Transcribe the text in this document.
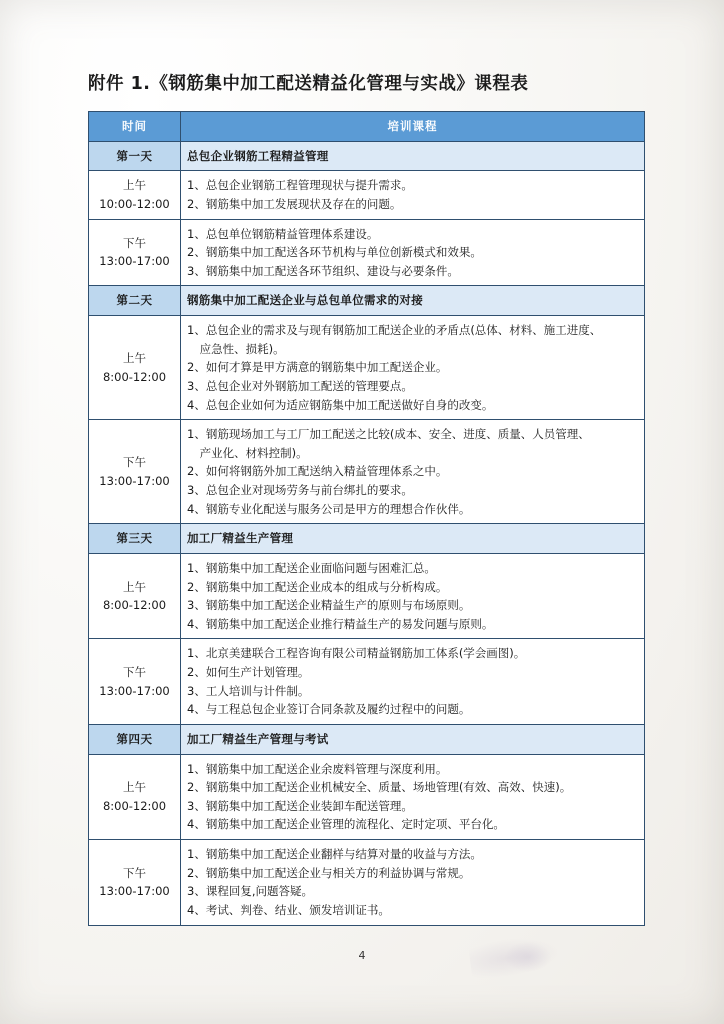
附件 1.《钢筋集中加工配送精益化管理与实战》课程表
时间	培训课程
第一天	总包企业钢筋工程精益管理

上午
10:00-12:00	1、总包企业钢筋工程管理现状与提升需求。
2、钢筋集中加工发展现状及存在的问题。

下午
13:00-17:00	1、总包单位钢筋精益管理体系建设。
2、钢筋集中加工配送各环节机构与单位创新模式和效果。
3、钢筋集中加工配送各环节组织、建设与必要条件。

第二天	钢筋集中加工配送企业与总包单位需求的对接

上午
8:00-12:00	1、总包企业的需求及与现有钢筋加工配送企业的矛盾点(总体、材料、施工进度、
应急性、损耗)。
2、如何才算是甲方满意的钢筋集中加工配送企业。
3、总包企业对外钢筋加工配送的管理要点。
4、总包企业如何为适应钢筋集中加工配送做好自身的改变。

下午
13:00-17:00	1、钢筋现场加工与工厂加工配送之比较(成本、安全、进度、质量、人员管理、
产业化、材料控制)。
2、如何将钢筋外加工配送纳入精益管理体系之中。
3、总包企业对现场劳务与前台绑扎的要求。
4、钢筋专业化配送与服务公司是甲方的理想合作伙伴。

第三天	加工厂精益生产管理

上午
8:00-12:00	1、钢筋集中加工配送企业面临问题与困难汇总。
2、钢筋集中加工配送企业成本的组成与分析构成。
3、钢筋集中加工配送企业精益生产的原则与布场原则。
4、钢筋集中加工配送企业推行精益生产的易发问题与原则。

下午
13:00-17:00	1、北京美建联合工程咨询有限公司精益钢筋加工体系(学会画图)。
2、如何生产计划管理。
3、工人培训与计件制。
4、与工程总包企业签订合同条款及履约过程中的问题。

第四天	加工厂精益生产管理与考试

上午
8:00-12:00	1、钢筋集中加工配送企业余废料管理与深度利用。
2、钢筋集中加工配送企业机械安全、质量、场地管理(有效、高效、快速)。
3、钢筋集中加工配送企业装卸车配送管理。
4、钢筋集中加工配送企业管理的流程化、定时定项、平台化。

下午
13:00-17:00	1、钢筋集中加工配送企业翻样与结算对量的收益与方法。
2、钢筋集中加工配送企业与相关方的利益协调与常规。
3、课程回复,问题答疑。
4、考试、判卷、结业、颁发培训证书。
4
